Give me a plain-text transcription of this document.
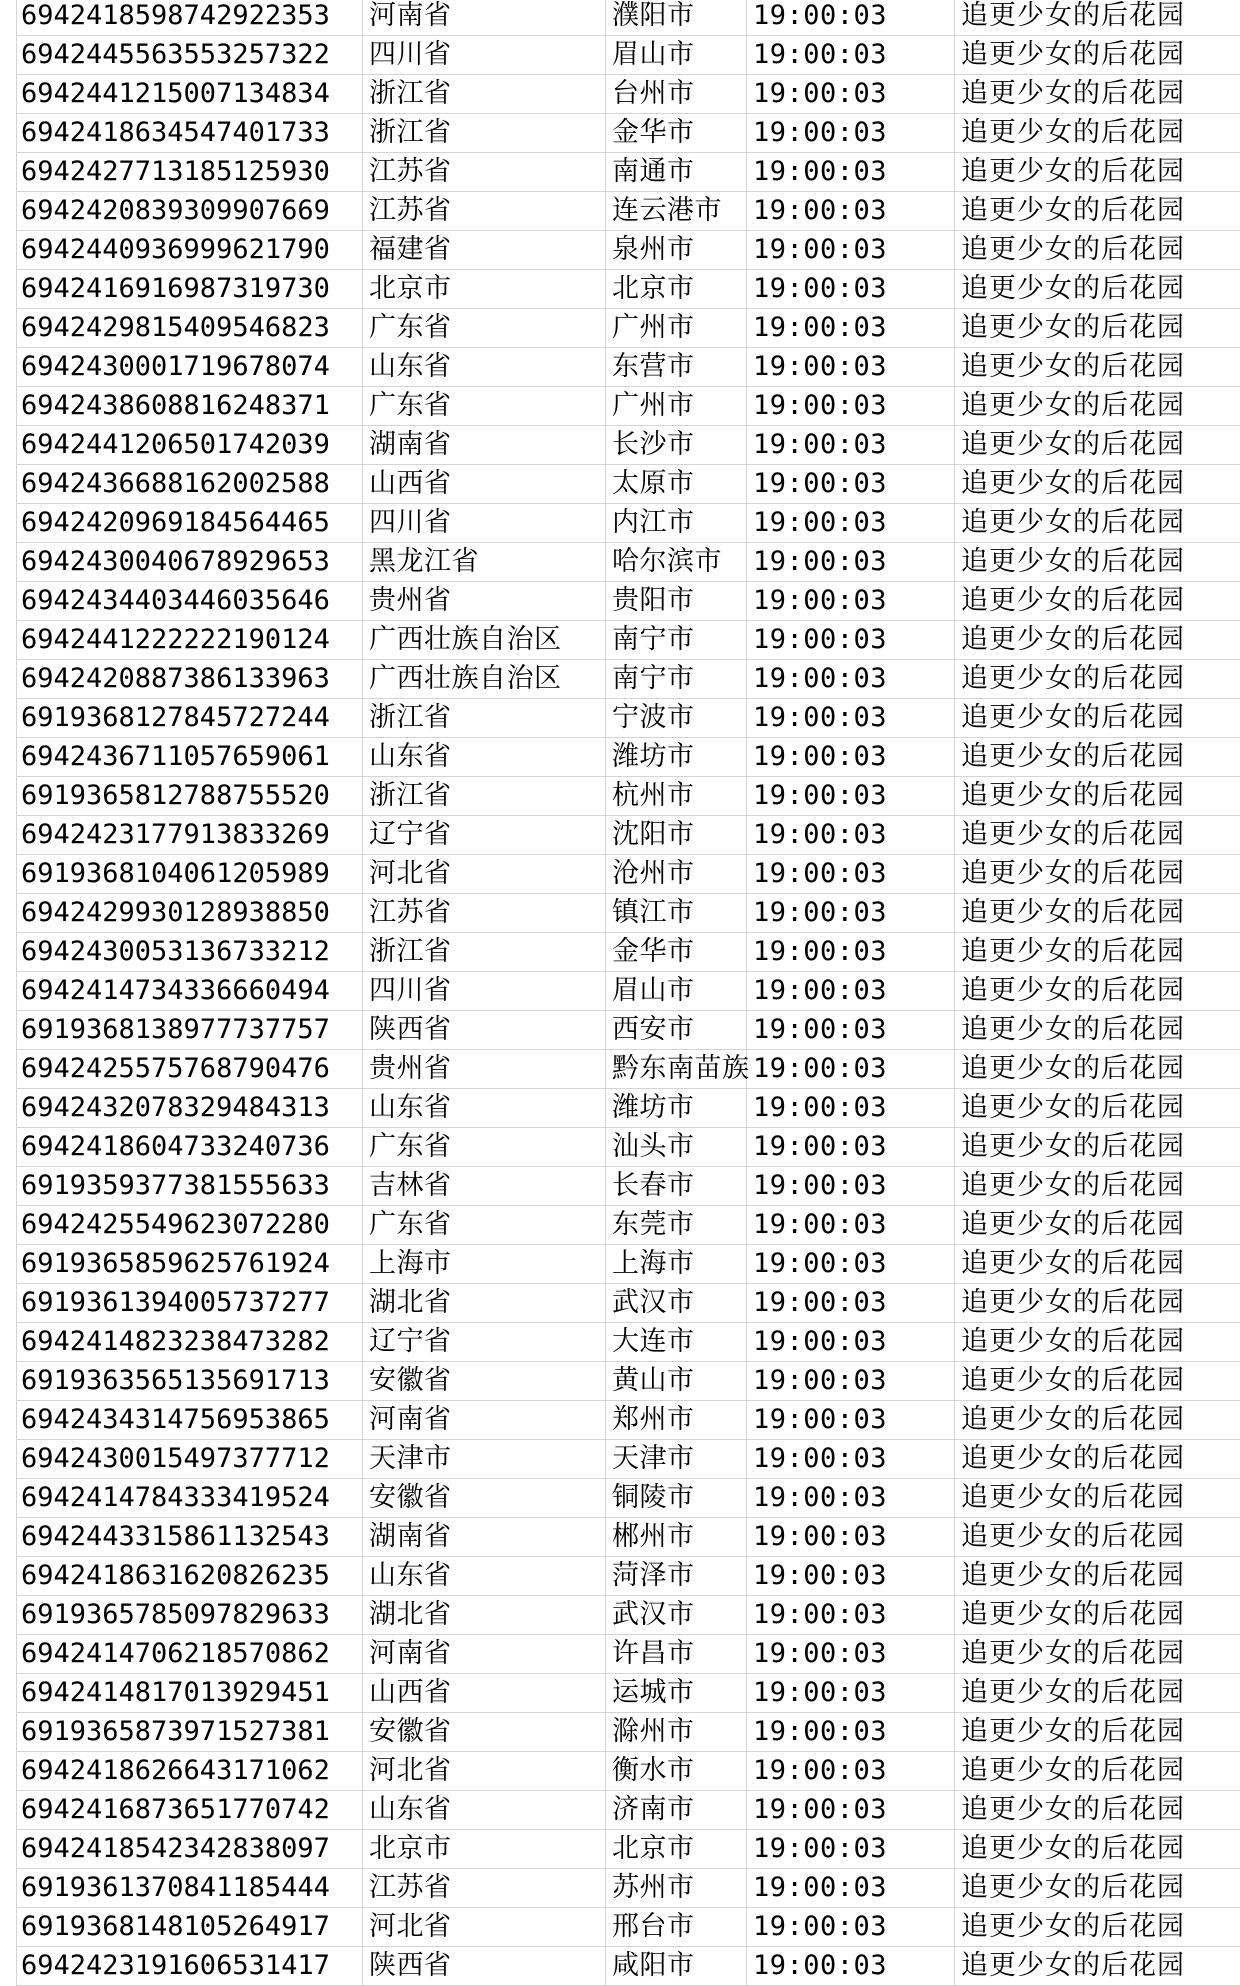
6942418598742922353	河南省	濮阳市	19:00:03	追更少女的后花园
6942445563553257322	四川省	眉山市	19:00:03	追更少女的后花园
6942441215007134834	浙江省	台州市	19:00:03	追更少女的后花园
6942418634547401733	浙江省	金华市	19:00:03	追更少女的后花园
6942427713185125930	江苏省	南通市	19:00:03	追更少女的后花园
6942420839309907669	江苏省	连云港市	19:00:03	追更少女的后花园
6942440936999621790	福建省	泉州市	19:00:03	追更少女的后花园
6942416916987319730	北京市	北京市	19:00:03	追更少女的后花园
6942429815409546823	广东省	广州市	19:00:03	追更少女的后花园
6942430001719678074	山东省	东营市	19:00:03	追更少女的后花园
6942438608816248371	广东省	广州市	19:00:03	追更少女的后花园
6942441206501742039	湖南省	长沙市	19:00:03	追更少女的后花园
6942436688162002588	山西省	太原市	19:00:03	追更少女的后花园
6942420969184564465	四川省	内江市	19:00:03	追更少女的后花园
6942430040678929653	黑龙江省	哈尔滨市	19:00:03	追更少女的后花园
6942434403446035646	贵州省	贵阳市	19:00:03	追更少女的后花园
6942441222222190124	广西壮族自治区	南宁市	19:00:03	追更少女的后花园
6942420887386133963	广西壮族自治区	南宁市	19:00:03	追更少女的后花园
6919368127845727244	浙江省	宁波市	19:00:03	追更少女的后花园
6942436711057659061	山东省	潍坊市	19:00:03	追更少女的后花园
6919365812788755520	浙江省	杭州市	19:00:03	追更少女的后花园
6942423177913833269	辽宁省	沈阳市	19:00:03	追更少女的后花园
6919368104061205989	河北省	沧州市	19:00:03	追更少女的后花园
6942429930128938850	江苏省	镇江市	19:00:03	追更少女的后花园
6942430053136733212	浙江省	金华市	19:00:03	追更少女的后花园
6942414734336660494	四川省	眉山市	19:00:03	追更少女的后花园
6919368138977737757	陕西省	西安市	19:00:03	追更少女的后花园
6942425575768790476	贵州省	黔东南苗族	19:00:03	追更少女的后花园
6942432078329484313	山东省	潍坊市	19:00:03	追更少女的后花园
6942418604733240736	广东省	汕头市	19:00:03	追更少女的后花园
6919359377381555633	吉林省	长春市	19:00:03	追更少女的后花园
6942425549623072280	广东省	东莞市	19:00:03	追更少女的后花园
6919365859625761924	上海市	上海市	19:00:03	追更少女的后花园
6919361394005737277	湖北省	武汉市	19:00:03	追更少女的后花园
6942414823238473282	辽宁省	大连市	19:00:03	追更少女的后花园
6919363565135691713	安徽省	黄山市	19:00:03	追更少女的后花园
6942434314756953865	河南省	郑州市	19:00:03	追更少女的后花园
6942430015497377712	天津市	天津市	19:00:03	追更少女的后花园
6942414784333419524	安徽省	铜陵市	19:00:03	追更少女的后花园
6942443315861132543	湖南省	郴州市	19:00:03	追更少女的后花园
6942418631620826235	山东省	菏泽市	19:00:03	追更少女的后花园
6919365785097829633	湖北省	武汉市	19:00:03	追更少女的后花园
6942414706218570862	河南省	许昌市	19:00:03	追更少女的后花园
6942414817013929451	山西省	运城市	19:00:03	追更少女的后花园
6919365873971527381	安徽省	滁州市	19:00:03	追更少女的后花园
6942418626643171062	河北省	衡水市	19:00:03	追更少女的后花园
6942416873651770742	山东省	济南市	19:00:03	追更少女的后花园
6942418542342838097	北京市	北京市	19:00:03	追更少女的后花园
6919361370841185444	江苏省	苏州市	19:00:03	追更少女的后花园
6919368148105264917	河北省	邢台市	19:00:03	追更少女的后花园
6942423191606531417	陕西省	咸阳市	19:00:03	追更少女的后花园
